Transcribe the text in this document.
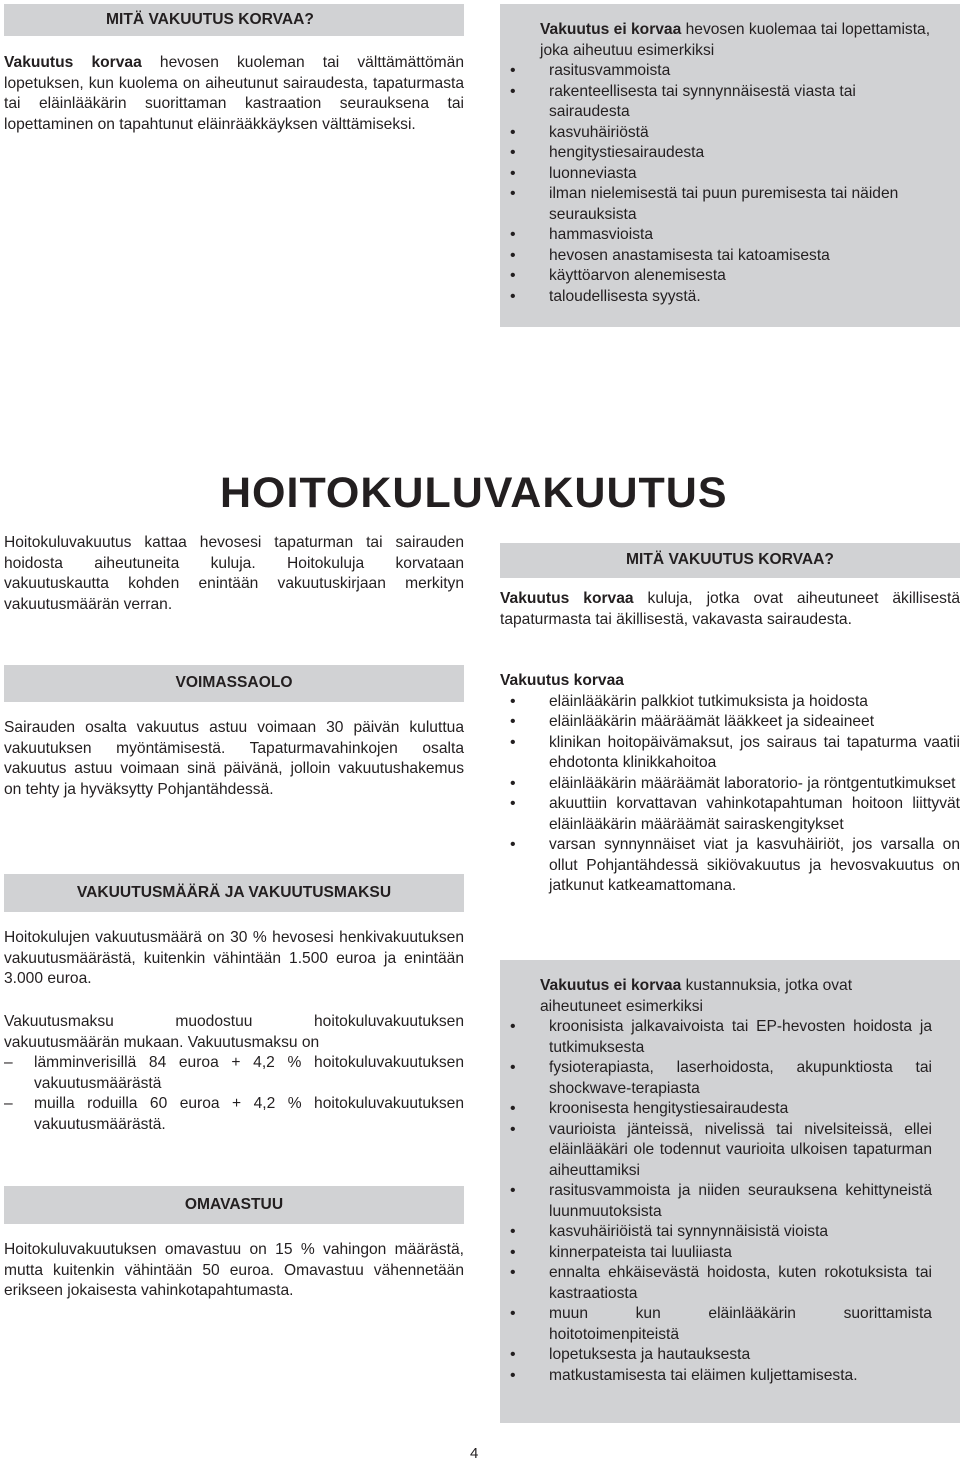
MITÄ VAKUUTUS KORVAA?
Vakuutus korvaa hevosen kuoleman tai välttämättömän lopetuksen, kun kuolema on aiheutunut sairaudesta, tapaturmasta tai eläinlääkärin suorittaman kastraation seurauksena tai lopettaminen on tapahtunut eläinrääkkäyksen välttämiseksi.
Vakuutus ei korvaa hevosen kuolemaa tai lopettamista, joka aiheutuu esimerkiksi
• rasitusvammoista
• rakenteellisesta tai synnynnäisestä viasta tai sairaudesta
• kasvuhäiriöstä
• hengitystiesairaudesta
• luonneviasta
• ilman nielemisestä tai puun puremisesta tai näiden seurauksista
• hammasvioista
• hevosen anastamisesta tai katoamisesta
• käyttöarvon alenemisesta
• taloudellisesta syystä.
HOITOKULUVAKUUTUS
Hoitokuluvakuutus kattaa hevosesi tapaturman tai sairauden hoidosta aiheutuneita kuluja. Hoitokuluja korvataan vakuutuskautta kohden enintään vakuutuskirjaan merkityn vakuutusmäärän verran.
VOIMASSAOLO
Sairauden osalta vakuutus astuu voimaan 30 päivän kuluttua vakuutuksen myöntämisestä. Tapaturmavahinkojen osalta vakuutus astuu voimaan sinä päivänä, jolloin vakuutushakemus on tehty ja hyväksytty Pohjantähdessä.
VAKUUTUSMÄÄRÄ JA VAKUUTUSMAKSU
Hoitokulujen vakuutusmäärä on 30 % hevosesi henkivakuutuksen vakuutusmäärästä, kuitenkin vähintään 1.500 euroa ja enintään 3.000 euroa.
Vakuutusmaksu muodostuu hoitokuluvakuutuksen vakuutusmäärän mukaan. Vakuutusmaksu on
– lämminverisillä 84 euroa + 4,2 % hoitokuluvakuutuksen vakuutusmäärästä
– muilla roduilla 60 euroa + 4,2 % hoitokuluvakuutuksen vakuutusmäärästä.
OMAVASTUU
Hoitokuluvakuutuksen omavastuu on 15 % vahingon määrästä, mutta kuitenkin vähintään 50 euroa. Omavastuu vähennetään erikseen jokaisesta vahinkotapahtumasta.
MITÄ VAKUUTUS KORVAA?
Vakuutus korvaa kuluja, jotka ovat aiheutuneet äkillisestä tapaturmasta tai äkillisestä, vakavasta sairaudesta.
Vakuutus korvaa
• eläinlääkärin palkkiot tutkimuksista ja hoidosta
• eläinlääkärin määräämät lääkkeet ja sideaineet
• klinikan hoitopäivämaksut, jos sairaus tai tapaturma vaatii ehdotonta klinikkahoitoa
• eläinlääkärin määräämät laboratorio- ja röntgentutkimukset
• akuuttiin korvattavan vahinkotapahtuman hoitoon liittyvät eläinlääkärin määräämät sairaskengitykset
• varsan synnynnäiset viat ja kasvuhäiriöt, jos varsalla on ollut Pohjantähdessä sikiövakuutus ja hevosvakuutus on jatkunut katkeamattomana.
Vakuutus ei korvaa kustannuksia, jotka ovat aiheutuneet esimerkiksi
• kroonisista jalkavaivoista tai EP-hevosten hoidosta ja tutkimuksesta
• fysioterapiasta, laserhoidosta, akupunktiosta tai shockwave-terapiasta
• kroonisesta hengitystiesairaudesta
• vaurioista jänteissä, nivelissä tai nivelsiteissä, ellei eläinlääkäri ole todennut vaurioita ulkoisen tapaturman aiheuttamiksi
• rasitusvammoista ja niiden seurauksena kehittyneistä luunmuutoksista
• kasvuhäiriöistä tai synnynnäisistä vioista
• kinnerpateista tai luuliiasta
• ennalta ehkäisevästä hoidosta, kuten rokotuksista tai kastraatiosta
• muun kun eläinlääkärin suorittamista hoitotoimenpiteistä
• lopetuksesta ja hautauksesta
• matkustamisesta tai eläimen kuljettamisesta.
4
